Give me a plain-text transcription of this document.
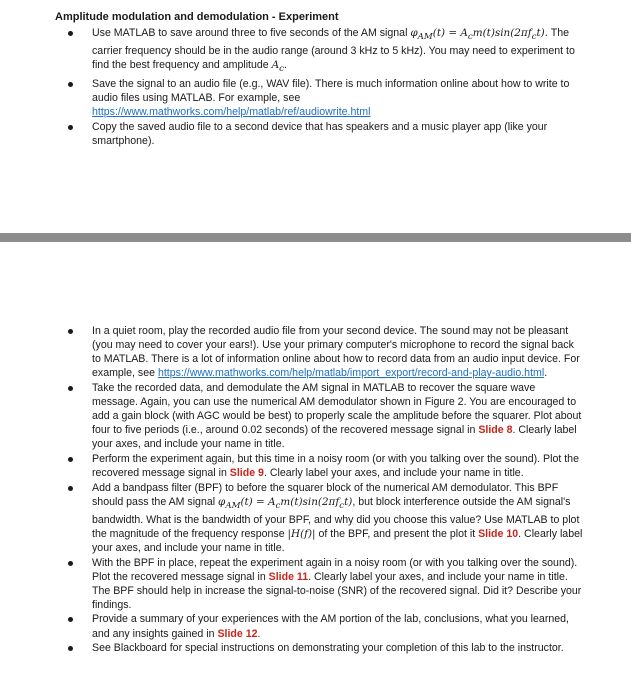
Amplitude modulation and demodulation - Experiment
Use MATLAB to save around three to five seconds of the AM signal $\varphi_{AM}(t) = A_cm(t)\sin(2\pi f_ct)$. The carrier frequency should be in the audio range (around 3 kHz to 5 kHz). You may need to experiment to find the best frequency and amplitude $A_c$.
Save the signal to an audio file (e.g., WAV file). There is much information online about how to write to audio files using MATLAB. For example, see
https://www.mathworks.com/help/matlab/ref/audiowrite.html
Copy the saved audio file to a second device that has speakers and a music player app (like your smartphone).
In a quiet room, play the recorded audio file from your second device. The sound may not be pleasant (you may need to cover your ears!). Use your primary computer's microphone to record the signal back to MATLAB. There is a lot of information online about how to record data from an audio input device. For example, see https://www.mathworks.com/help/matlab/import_export/record-and-play-audio.html.
Take the recorded data, and demodulate the AM signal in MATLAB to recover the square wave message. Again, you can use the numerical AM demodulator shown in Figure 2. You are encouraged to add a gain block (with AGC would be best) to properly scale the amplitude before the squarer. Plot about four to five periods (i.e., around 0.02 seconds) of the recovered message signal in Slide 8. Clearly label your axes, and include your name in title.
Perform the experiment again, but this time in a noisy room (or with you talking over the sound). Plot the recovered message signal in Slide 9. Clearly label your axes, and include your name in title.
Add a bandpass filter (BPF) to before the squarer block of the numerical AM demodulator. This BPF should pass the AM signal $\varphi_{AM}(t) = A_cm(t)\sin(2\pi f_ct)$, but block interference outside the AM signal's bandwidth. What is the bandwidth of your BPF, and why did you choose this value? Use MATLAB to plot the magnitude of the frequency response |H(f)| of the BPF, and present the plot it Slide 10. Clearly label your axes, and include your name in title.
With the BPF in place, repeat the experiment again in a noisy room (or with you talking over the sound). Plot the recovered message signal in Slide 11. Clearly label your axes, and include your name in title. The BPF should help in increase the signal-to-noise (SNR) of the recovered signal. Did it? Describe your findings.
Provide a summary of your experiences with the AM portion of the lab, conclusions, what you learned, and any insights gained in Slide 12.
See Blackboard for special instructions on demonstrating your completion of this lab to the instructor.
